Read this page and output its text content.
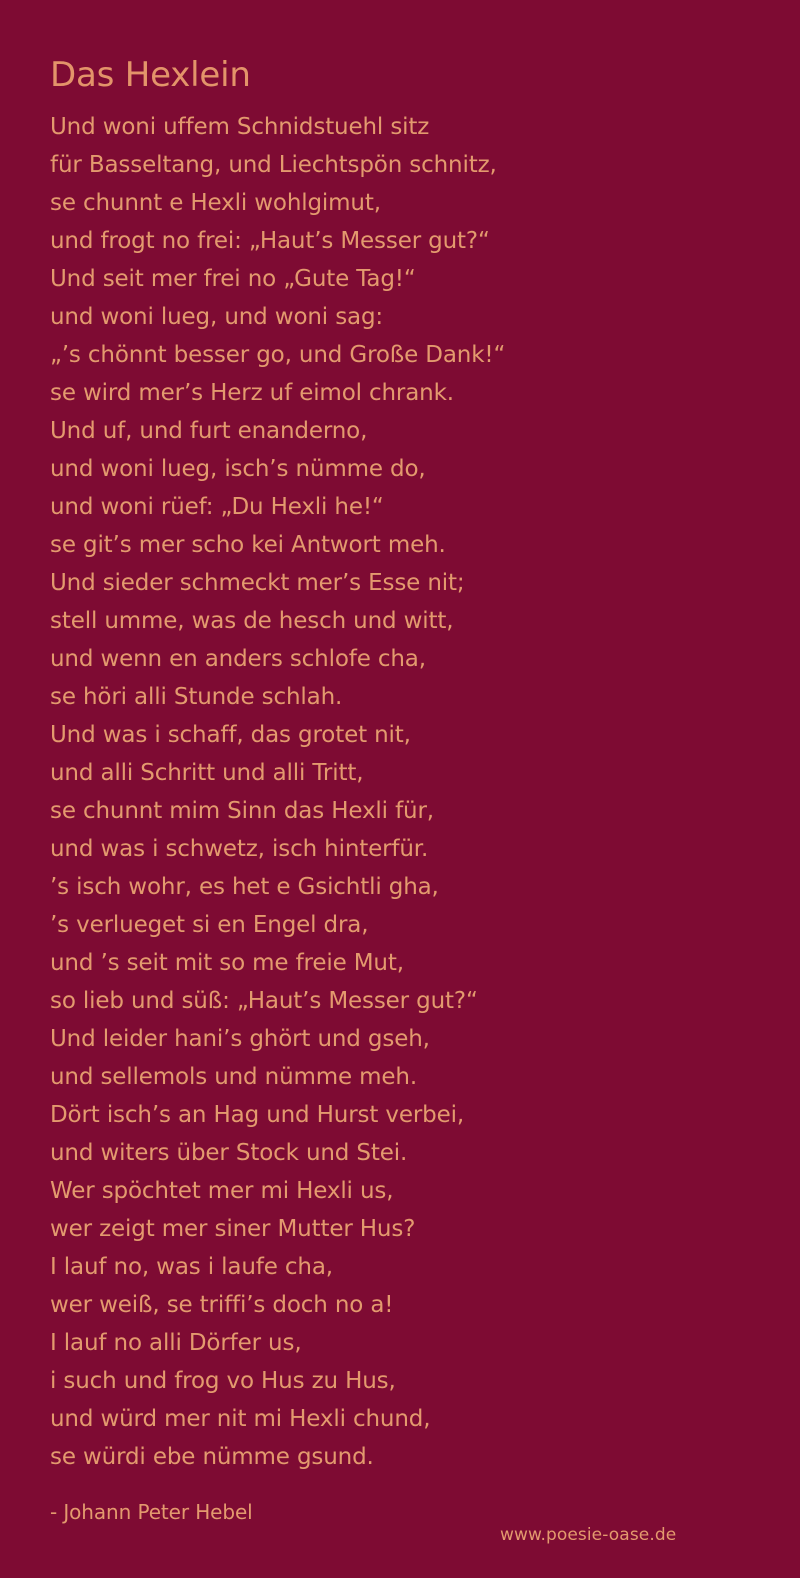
Das Hexlein
Und woni uffem Schnidstuehl sitz
für Basseltang, und Liechtspön schnitz,
se chunnt e Hexli wohlgimut,
und frogt no frei: „Haut’s Messer gut?“
Und seit mer frei no „Gute Tag!“
und woni lueg, und woni sag:
„’s chönnt besser go, und Große Dank!“
se wird mer’s Herz uf eimol chrank.
Und uf, und furt enanderno,
und woni lueg, isch’s nümme do,
und woni rüef: „Du Hexli he!“
se git’s mer scho kei Antwort meh.
Und sieder schmeckt mer’s Esse nit;
stell umme, was de hesch und witt,
und wenn en anders schlofe cha,
se höri alli Stunde schlah.
Und was i schaff, das grotet nit,
und alli Schritt und alli Tritt,
se chunnt mim Sinn das Hexli für,
und was i schwetz, isch hinterfür.
’s isch wohr, es het e Gsichtli gha,
’s verlueget si en Engel dra,
und ’s seit mit so me freie Mut,
so lieb und süß: „Haut’s Messer gut?“
Und leider hani’s ghört und gseh,
und sellemols und nümme meh.
Dört isch’s an Hag und Hurst verbei,
und witers über Stock und Stei.
Wer spöchtet mer mi Hexli us,
wer zeigt mer siner Mutter Hus?
I lauf no, was i laufe cha,
wer weiß, se triffi’s doch no a!
I lauf no alli Dörfer us,
i such und frog vo Hus zu Hus,
und würd mer nit mi Hexli chund,
se würdi ebe nümme gsund.
- Johann Peter Hebel
www.poesie-oase.de
